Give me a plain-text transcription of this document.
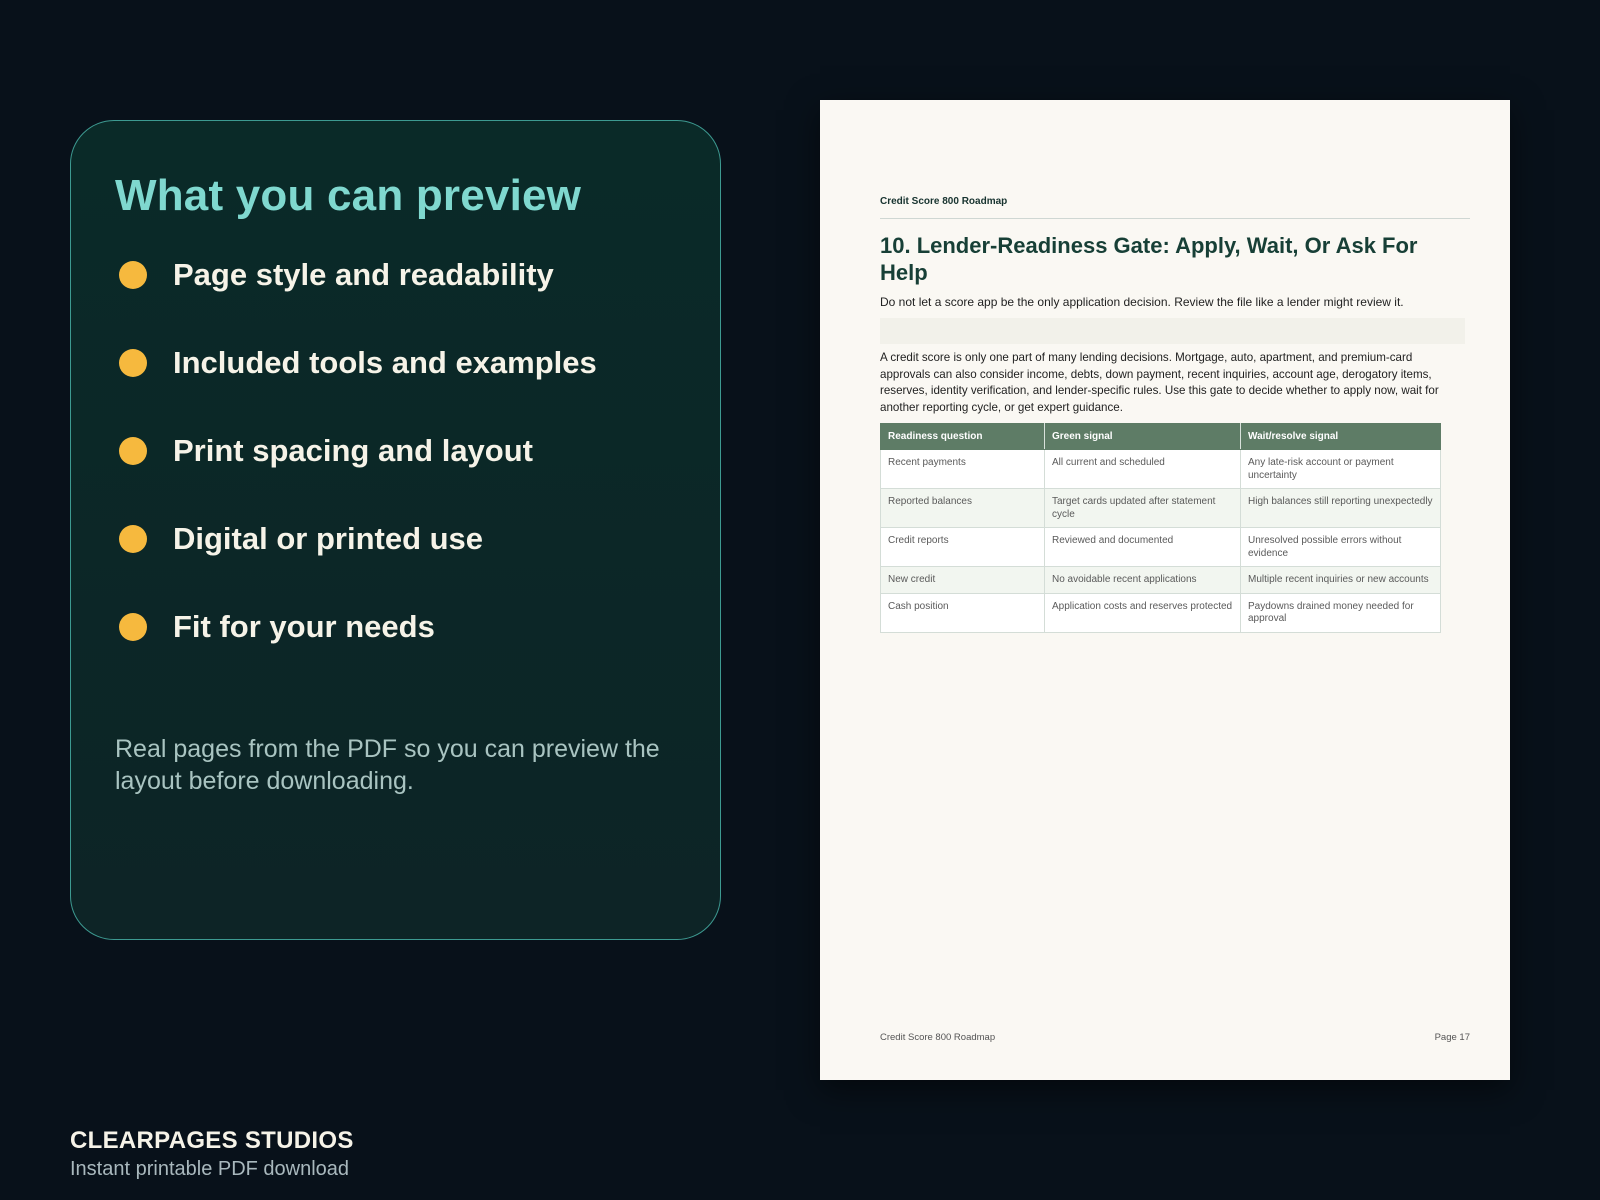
What you can preview
Page style and readability
Included tools and examples
Print spacing and layout
Digital or printed use
Fit for your needs

Real pages from the PDF so you can preview the layout before downloading.

CLEARPAGES STUDIOS
Instant printable PDF download
Credit Score 800 Roadmap
10. Lender-Readiness Gate: Apply, Wait, Or Ask For Help

Do not let a score app be the only application decision. Review the file like a lender might review it.

A credit score is only one part of many lending decisions. Mortgage, auto, apartment, and premium-card approvals can also consider income, debts, down payment, recent inquiries, account age, derogatory items, reserves, identity verification, and lender-specific rules. Use this gate to decide whether to apply now, wait for another reporting cycle, or get expert guidance.

Readiness question	Green signal	Wait/resolve signal
Recent payments	All current and scheduled	Any late-risk account or payment uncertainty
Reported balances	Target cards updated after statement cycle	High balances still reporting unexpectedly
Credit reports	Reviewed and documented	Unresolved possible errors without evidence
New credit	No avoidable recent applications	Multiple recent inquiries or new accounts
Cash position	Application costs and reserves protected	Paydowns drained money needed for approval
Credit Score 800 Roadmap	Page 17
